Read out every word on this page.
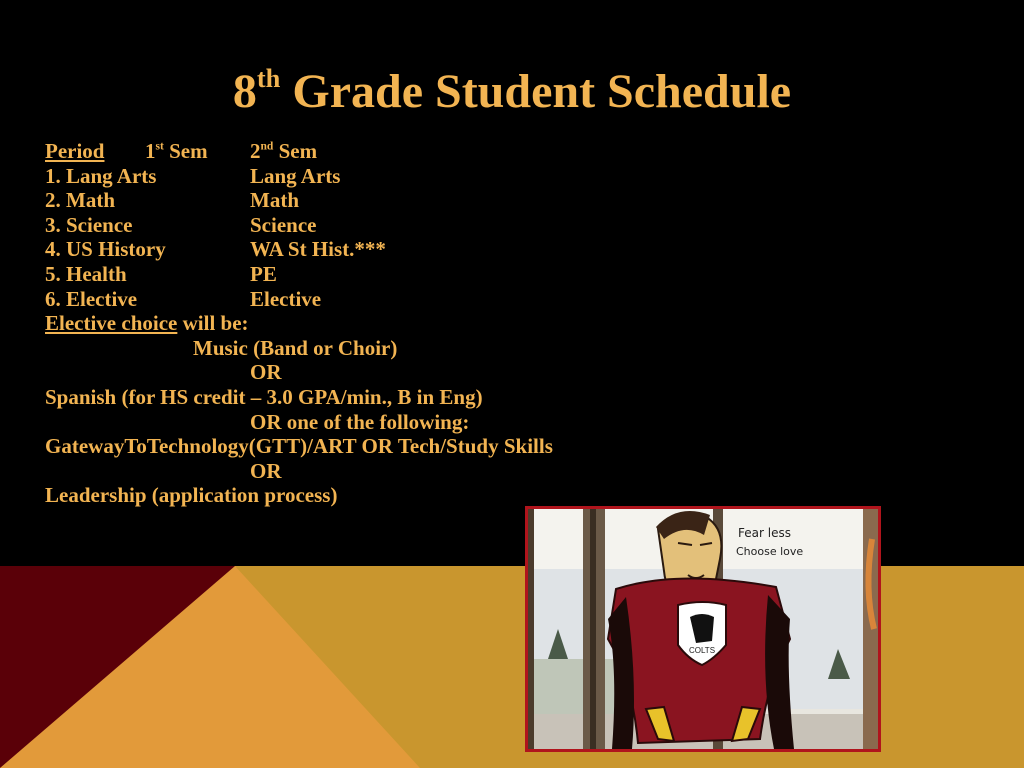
8th Grade Student Schedule
Period 1st Sem 2nd Sem
1. Lang Arts	Lang Arts
2. Math	Math
3. Science	Science
4. US History	WA St Hist.***
5. Health	PE
6. Elective	Elective
Elective choice will be:
Music (Band or Choir)
OR
Spanish (for HS credit – 3.0 GPA/min., B in Eng)
OR one of the following:
GatewayToTechnology(GTT)/ART OR Tech/Study Skills
OR
Leadership (application process)
COLTS
Fear less
Choose love
